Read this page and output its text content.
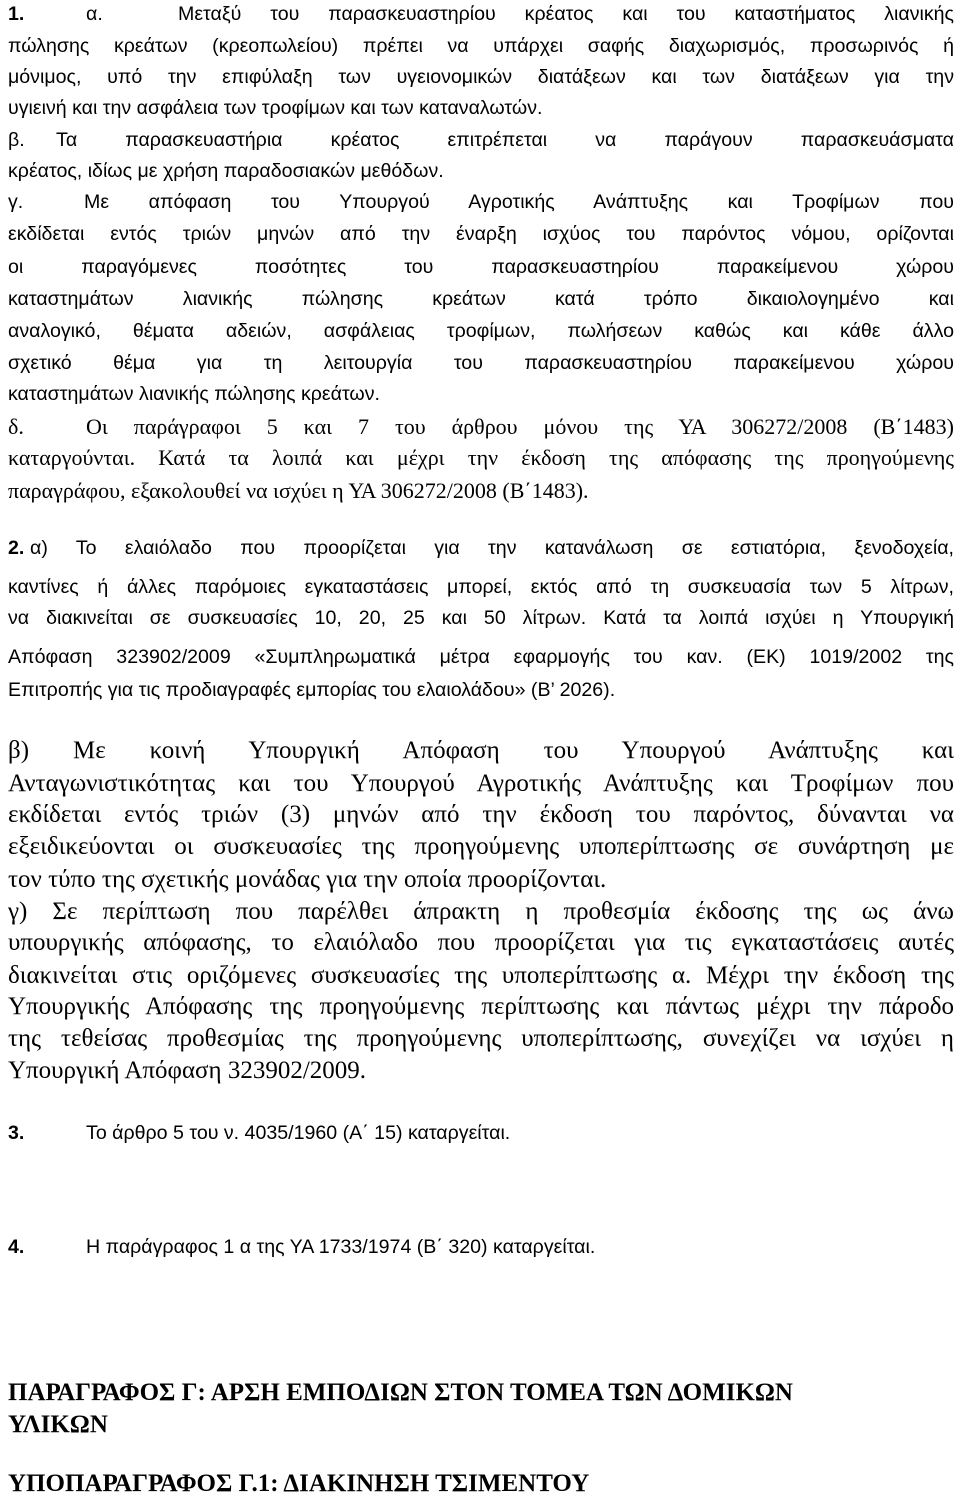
1.	α.	Μεταξύ του παρασκευαστηρίου κρέατος και του καταστήματος λιανικής

πώλησης κρεάτων (κρεοπωλείου) πρέπει να υπάρχει σαφής διαχωρισμός, προσωρινός ή

μόνιμος, υπό την επιφύλαξη των υγειονομικών διατάξεων και των διατάξεων για την

υγιεινή και την ασφάλεια των τροφίμων και των καταναλωτών.

β. Τα παρασκευαστήρια κρέατος επιτρέπεται να παράγουν παρασκευάσματα

κρέατος, ιδίως με χρήση παραδοσιακών μεθόδων.

γ.	Με απόφαση του Υπουργού Αγροτικής Ανάπτυξης και Τροφίμων που

εκδίδεται εντός τριών μηνών από την έναρξη ισχύος του παρόντος νόμου, ορίζονται

οι παραγόμενες ποσότητες του παρασκευαστηρίου παρακείμενου χώρου

καταστημάτων λιανικής πώλησης κρεάτων κατά τρόπο δικαιολογημένο και

αναλογικό, θέματα αδειών, ασφάλειας τροφίμων, πωλήσεων καθώς και κάθε άλλο

σχετικό θέμα για τη λειτουργία του παρασκευαστηρίου παρακείμενου χώρου

καταστημάτων λιανικής πώλησης κρεάτων.

δ.	Οι παράγραφοι 5 και 7 του άρθρου μόνου της ΥΑ 306272/2008 (Β΄1483)

καταργούνται. Κατά τα λοιπά και μέχρι την έκδοση της απόφασης της προηγούμενης

παραγράφου, εξακολουθεί να ισχύει η ΥΑ 306272/2008 (Β΄1483).

2. α) Το ελαιόλαδο που προορίζεται για την κατανάλωση σε εστιατόρια, ξενοδοχεία,

καντίνες ή άλλες παρόμοιες εγκαταστάσεις μπορεί, εκτός από τη συσκευασία των 5 λίτρων,

να διακινείται σε συσκευασίες 10, 20, 25 και 50 λίτρων. Κατά τα λοιπά ισχύει η Υπουργική

Απόφαση 323902/2009 «Συμπληρωματικά μέτρα εφαρμογής του καν. (ΕΚ) 1019/2002 της

Επιτροπής για τις προδιαγραφές εμπορίας του ελαιολάδου» (Β’ 2026).

β) Με κοινή Υπουργική Απόφαση του Υπουργού Ανάπτυξης και

Ανταγωνιστικότητας και του Υπουργού Αγροτικής Ανάπτυξης και Τροφίμων που

εκδίδεται εντός τριών (3) μηνών από την έκδοση του παρόντος, δύνανται να

εξειδικεύονται οι συσκευασίες της προηγούμενης υποπερίπτωσης σε συνάρτηση με

τον τύπο της σχετικής μονάδας για την οποία προορίζονται.

γ) Σε περίπτωση που παρέλθει άπρακτη η προθεσμία έκδοσης της ως άνω

υπουργικής απόφασης, το ελαιόλαδο που προορίζεται για τις εγκαταστάσεις αυτές

διακινείται στις οριζόμενες συσκευασίες της υποπερίπτωσης α. Μέχρι την έκδοση της

Υπουργικής Απόφασης της προηγούμενης περίπτωσης και πάντως μέχρι την πάροδο

της τεθείσας προθεσμίας της προηγούμενης υποπερίπτωσης, συνεχίζει να ισχύει η

Υπουργική Απόφαση 323902/2009.

3.	Το άρθρο 5 του ν. 4035/1960 (Α΄ 15) καταργείται.

4.	Η παράγραφος 1 α της ΥΑ 1733/1974 (Β΄ 320) καταργείται.

ΠΑΡΑΓΡΑΦΟΣ Γ: ΑΡΣΗ ΕΜΠΟΔΙΩΝ ΣΤΟΝ ΤΟΜΕΑ ΤΩΝ ΔΟΜΙΚΩΝ

ΥΛΙΚΩΝ

ΥΠΟΠΑΡΑΓΡΑΦΟΣ Γ.1: ΔΙΑΚΙΝΗΣΗ ΤΣΙΜΕΝΤΟΥ
